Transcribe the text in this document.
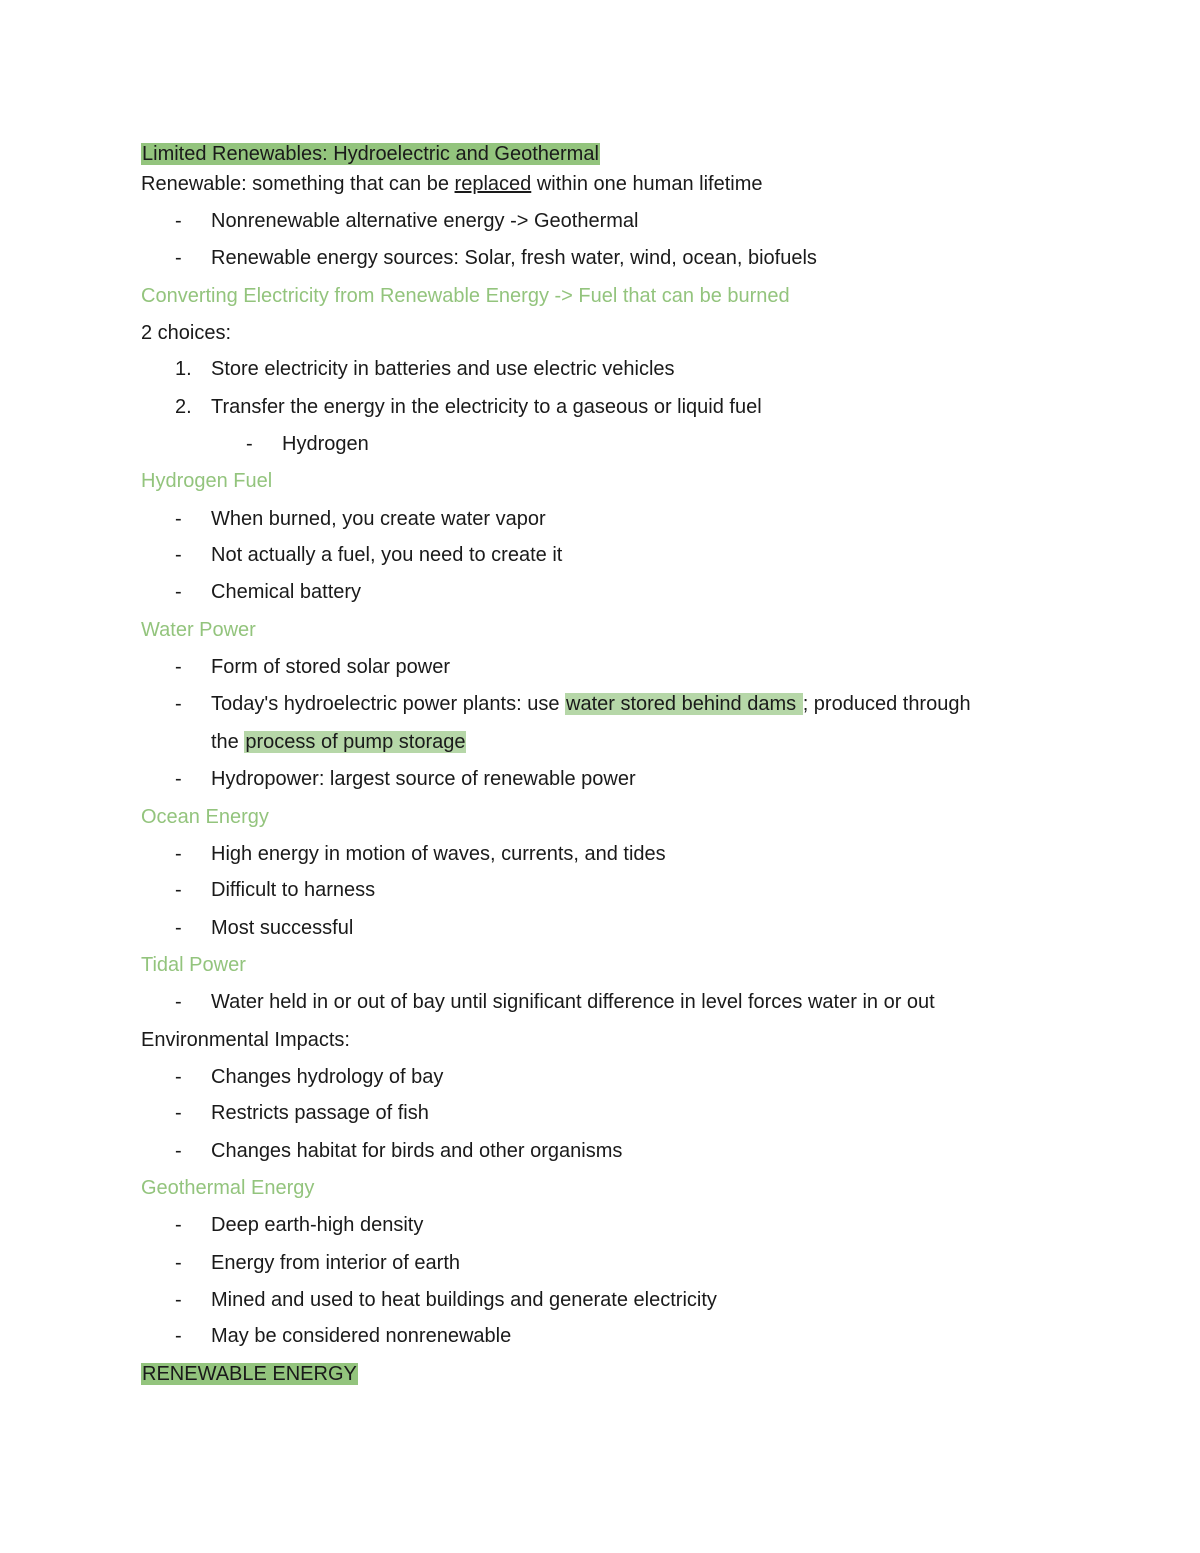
Limited Renewables: Hydroelectric and Geothermal
Renewable: something that can be replaced within one human lifetime
- Nonrenewable alternative energy -> Geothermal
- Renewable energy sources: Solar, fresh water, wind, ocean, biofuels
Converting Electricity from Renewable Energy -> Fuel that can be burned
2 choices:
1. Store electricity in batteries and use electric vehicles
2. Transfer the energy in the electricity to a gaseous or liquid fuel
- Hydrogen
Hydrogen Fuel
- When burned, you create water vapor
- Not actually a fuel, you need to create it
- Chemical battery
Water Power
- Form of stored solar power
- Today's hydroelectric power plants: use water stored behind dams ; produced through
the process of pump storage
- Hydropower: largest source of renewable power
Ocean Energy
- High energy in motion of waves, currents, and tides
- Difficult to harness
- Most successful
Tidal Power
- Water held in or out of bay until significant difference in level forces water in or out
Environmental Impacts:
- Changes hydrology of bay
- Restricts passage of fish
- Changes habitat for birds and other organisms
Geothermal Energy
- Deep earth-high density
- Energy from interior of earth
- Mined and used to heat buildings and generate electricity
- May be considered nonrenewable
RENEWABLE ENERGY
